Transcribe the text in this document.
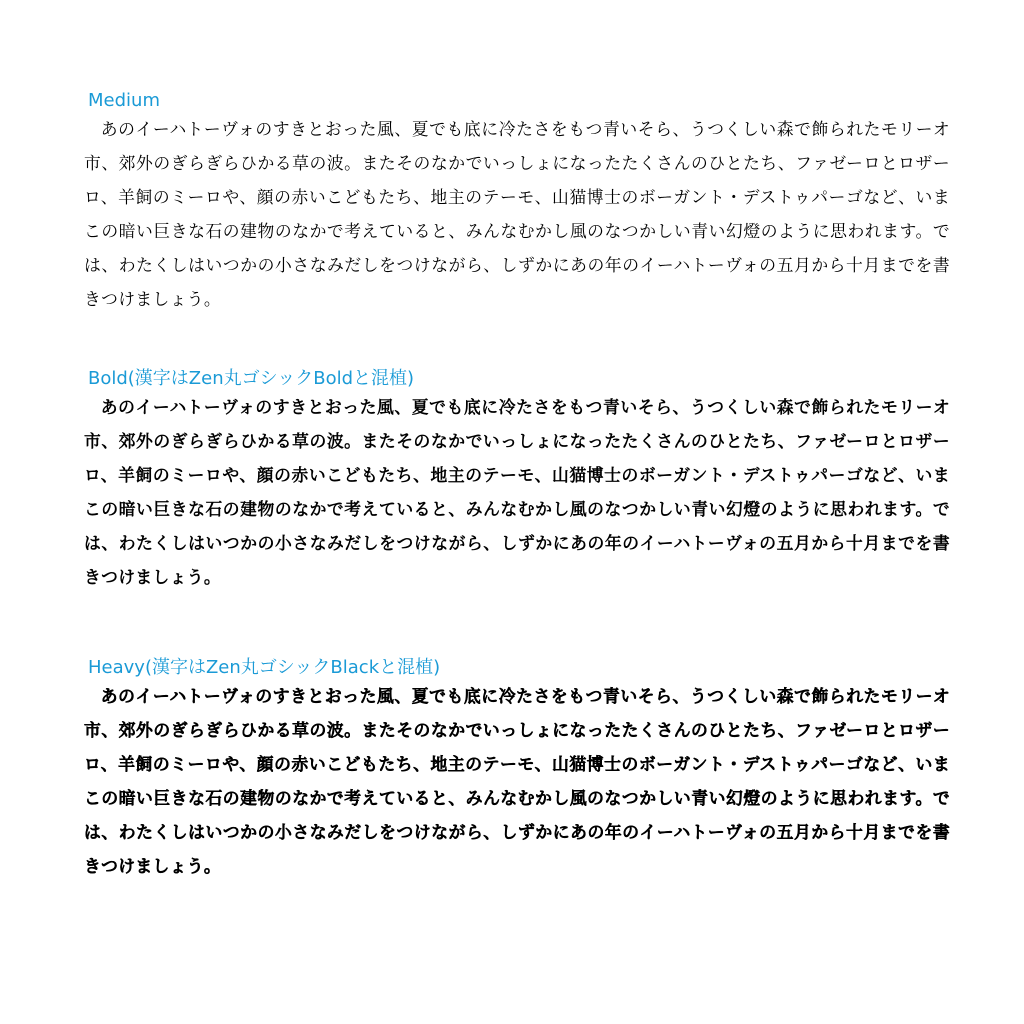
Medium

あのイーハトーヴォのすきとおった風、夏でも底に冷たさをもつ青いそら、うつくしい森で飾られたモリーオ市、郊外のぎらぎらひかる草の波。またそのなかでいっしょになったたくさんのひとたち、ファゼーロとロザーロ、羊飼のミーロや、顔の赤いこどもたち、地主のテーモ、山猫博士のボーガント・デストゥパーゴなど、いまこの暗い巨きな石の建物のなかで考えていると、みんなむかし風のなつかしい青い幻燈のように思われます。では、わたくしはいつかの小さなみだしをつけながら、しずかにあの年のイーハトーヴォの五月から十月までを書きつけましょう。

Bold(漢字はZen丸ゴシックBoldと混植)

あのイーハトーヴォのすきとおった風、夏でも底に冷たさをもつ青いそら、うつくしい森で飾られたモリーオ市、郊外のぎらぎらひかる草の波。またそのなかでいっしょになったたくさんのひとたち、ファゼーロとロザーロ、羊飼のミーロや、顔の赤いこどもたち、地主のテーモ、山猫博士のボーガント・デストゥパーゴなど、いまこの暗い巨きな石の建物のなかで考えていると、みんなむかし風のなつかしい青い幻燈のように思われます。では、わたくしはいつかの小さなみだしをつけながら、しずかにあの年のイーハトーヴォの五月から十月までを書きつけましょう。

Heavy(漢字はZen丸ゴシックBlackと混植)

あのイーハトーヴォのすきとおった風、夏でも底に冷たさをもつ青いそら、うつくしい森で飾られたモリーオ市、郊外のぎらぎらひかる草の波。またそのなかでいっしょになったたくさんのひとたち、ファゼーロとロザーロ、羊飼のミーロや、顔の赤いこどもたち、地主のテーモ、山猫博士のボーガント・デストゥパーゴなど、いまこの暗い巨きな石の建物のなかで考えていると、みんなむかし風のなつかしい青い幻燈のように思われます。では、わたくしはいつかの小さなみだしをつけながら、しずかにあの年のイーハトーヴォの五月から十月までを書きつけましょう。
